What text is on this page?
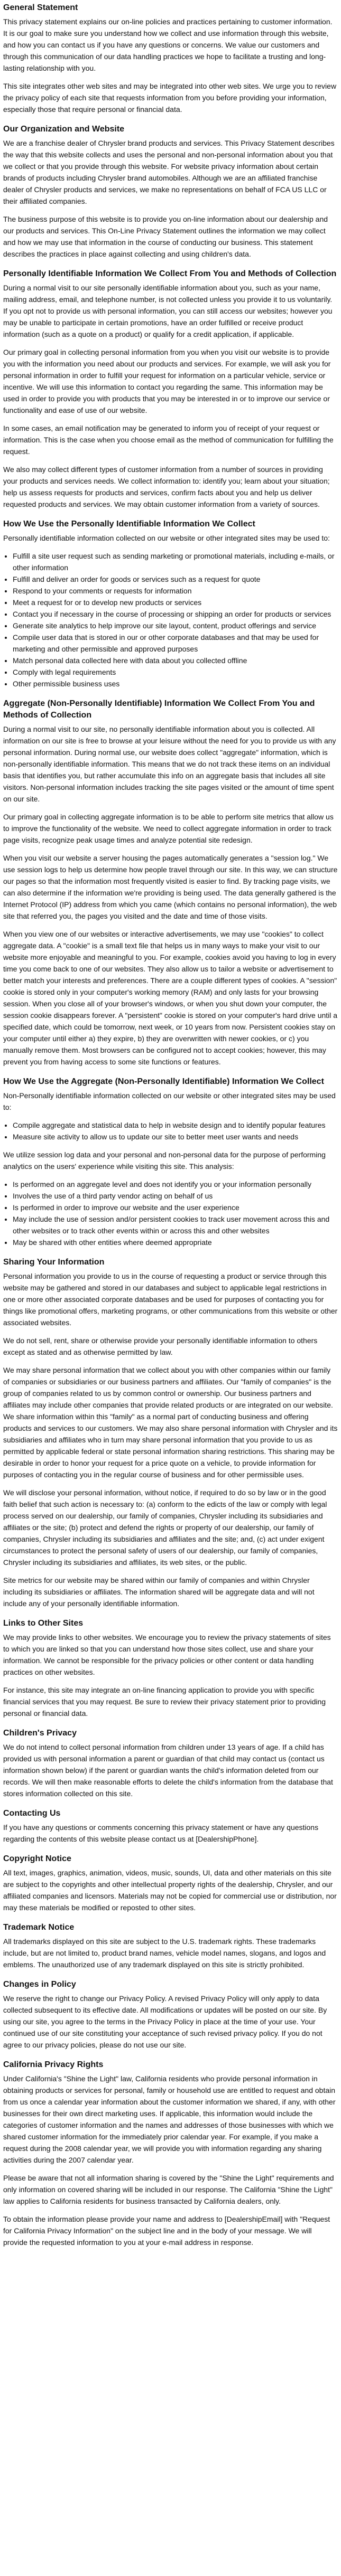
General Statement

This privacy statement explains our on-line policies and practices pertaining to customer information. It is our goal to make sure you understand how we collect and use information through this website, and how you can contact us if you have any questions or concerns. We value our customers and through this communication of our data handling practices we hope to facilitate a trusting and long-lasting relationship with you.

This site integrates other web sites and may be integrated into other web sites. We urge you to review the privacy policy of each site that requests information from you before providing your information, especially those that require personal or financial data.

Our Organization and Website

We are a franchise dealer of Chrysler brand products and services. This Privacy Statement describes the way that this website collects and uses the personal and non-personal information about you that we collect or that you provide through this website. For website privacy information about certain brands of products including Chrysler brand automobiles. Although we are an affiliated franchise dealer of Chrysler products and services, we make no representations on behalf of FCA US LLC or their affiliated companies.

The business purpose of this website is to provide you on-line information about our dealership and our products and services. This On-Line Privacy Statement outlines the information we may collect and how we may use that information in the course of conducting our business. This statement describes the practices in place against collecting and using children's data.

Personally Identifiable Information We Collect From You and Methods of Collection

During a normal visit to our site personally identifiable information about you, such as your name, mailing address, email, and telephone number, is not collected unless you provide it to us voluntarily. If you opt not to provide us with personal information, you can still access our websites; however you may be unable to participate in certain promotions, have an order fulfilled or receive product information (such as a quote on a product) or qualify for a credit application, if applicable.

Our primary goal in collecting personal information from you when you visit our website is to provide you with the information you need about our products and services. For example, we will ask you for personal information in order to fulfill your request for information on a particular vehicle, service or incentive. We will use this information to contact you regarding the same. This information may be used in order to provide you with products that you may be interested in or to improve our service or functionality and ease of use of our website.

In some cases, an email notification may be generated to inform you of receipt of your request or information. This is the case when you choose email as the method of communication for fulfilling the request.

We also may collect different types of customer information from a number of sources in providing your products and services needs. We collect information to: identify you; learn about your situation; help us assess requests for products and services, confirm facts about you and help us deliver requested products and services. We may obtain customer information from a variety of sources.

How We Use the Personally Identifiable Information We Collect

Personally identifiable information collected on our website or other integrated sites may be used to:

• Fulfill a site user request such as sending marketing or promotional materials, including e-mails, or other information
• Fulfill and deliver an order for goods or services such as a request for quote
• Respond to your comments or requests for information
• Meet a request for or to develop new products or services
• Contact you if necessary in the course of processing or shipping an order for products or services
• Generate site analytics to help improve our site layout, content, product offerings and service
• Compile user data that is stored in our or other corporate databases and that may be used for marketing and other permissible and approved purposes
• Match personal data collected here with data about you collected offline
• Comply with legal requirements
• Other permissible business uses
Aggregate (Non-Personally Identifiable) Information We Collect From You and Methods of Collection

During a normal visit to our site, no personally identifiable information about you is collected. All information on our site is free to browse at your leisure without the need for you to provide us with any personal information. During normal use, our website does collect "aggregate" information, which is non-personally identifiable information. This means that we do not track these items on an individual basis that identifies you, but rather accumulate this info on an aggregate basis that includes all site visitors. Non-personal information includes tracking the site pages visited or the amount of time spent on our site.

Our primary goal in collecting aggregate information is to be able to perform site metrics that allow us to improve the functionality of the website. We need to collect aggregate information in order to track page visits, recognize peak usage times and analyze potential site redesign.

When you visit our website a server housing the pages automatically generates a "session log." We use session logs to help us determine how people travel through our site. In this way, we can structure our pages so that the information most frequently visited is easier to find. By tracking page visits, we can also determine if the information we're providing is being used. The data generally gathered is the Internet Protocol (IP) address from which you came (which contains no personal information), the web site that referred you, the pages you visited and the date and time of those visits.

When you view one of our websites or interactive advertisements, we may use "cookies" to collect aggregate data. A "cookie" is a small text file that helps us in many ways to make your visit to our website more enjoyable and meaningful to you. For example, cookies avoid you having to log in every time you come back to one of our websites. They also allow us to tailor a website or advertisement to better match your interests and preferences. There are a couple different types of cookies. A "session" cookie is stored only in your computer's working memory (RAM) and only lasts for your browsing session. When you close all of your browser's windows, or when you shut down your computer, the session cookie disappears forever. A "persistent" cookie is stored on your computer's hard drive until a specified date, which could be tomorrow, next week, or 10 years from now. Persistent cookies stay on your computer until either a) they expire, b) they are overwritten with newer cookies, or c) you manually remove them. Most browsers can be configured not to accept cookies; however, this may prevent you from having access to some site functions or features.

How We Use the Aggregate (Non-Personally Identifiable) Information We Collect

Non-Personally identifiable information collected on our website or other integrated sites may be used to:

• Compile aggregate and statistical data to help in website design and to identify popular features
• Measure site activity to allow us to update our site to better meet user wants and needs

We utilize session log data and your personal and non-personal data for the purpose of performing analytics on the users' experience while visiting this site. This analysis:

• Is performed on an aggregate level and does not identify you or your information personally
• Involves the use of a third party vendor acting on behalf of us
• Is performed in order to improve our website and the user experience
• May include the use of session and/or persistent cookies to track user movement across this and other websites or to track other events within or across this and other websites
• May be shared with other entities where deemed appropriate
Sharing Your Information

Personal information you provide to us in the course of requesting a product or service through this website may be gathered and stored in our databases and subject to applicable legal restrictions in one or more other associated corporate databases and be used for purposes of contacting you for things like promotional offers, marketing programs, or other communications from this website or other associated websites.

We do not sell, rent, share or otherwise provide your personally identifiable information to others except as stated and as otherwise permitted by law.

We may share personal information that we collect about you with other companies within our family of companies or subsidiaries or our business partners and affiliates. Our "family of companies" is the group of companies related to us by common control or ownership. Our business partners and affiliates may include other companies that provide related products or are integrated on our website. We share information within this "family" as a normal part of conducting business and offering products and services to our customers. We may also share personal information with Chrysler and its subsidiaries and affiliates who in turn may share personal information that you provide to us as permitted by applicable federal or state personal information sharing restrictions. This sharing may be desirable in order to honor your request for a price quote on a vehicle, to provide information for purposes of contacting you in the regular course of business and for other permissible uses.

We will disclose your personal information, without notice, if required to do so by law or in the good faith belief that such action is necessary to: (a) conform to the edicts of the law or comply with legal process served on our dealership, our family of companies, Chrysler including its subsidiaries and affiliates or the site; (b) protect and defend the rights or property of our dealership, our family of companies, Chrysler including its subsidiaries and affiliates and the site; and, (c) act under exigent circumstances to protect the personal safety of users of our dealership, our family of companies, Chrysler including its subsidiaries and affiliates, its web sites, or the public.

Site metrics for our website may be shared within our family of companies and within Chrysler including its subsidiaries or affiliates. The information shared will be aggregate data and will not include any of your personally identifiable information.

Links to Other Sites

We may provide links to other websites. We encourage you to review the privacy statements of sites to which you are linked so that you can understand how those sites collect, use and share your information. We cannot be responsible for the privacy policies or other content or data handling practices on other websites.

For instance, this site may integrate an on-line financing application to provide you with specific financial services that you may request. Be sure to review their privacy statement prior to providing personal or financial data.

Children's Privacy

We do not intend to collect personal information from children under 13 years of age. If a child has provided us with personal information a parent or guardian of that child may contact us (contact us information shown below) if the parent or guardian wants the child's information deleted from our records. We will then make reasonable efforts to delete the child's information from the database that stores information collected on this site.

Contacting Us

If you have any questions or comments concerning this privacy statement or have any questions regarding the contents of this website please contact us at [DealershipPhone].

Copyright Notice

All text, images, graphics, animation, videos, music, sounds, UI, data and other materials on this site are subject to the copyrights and other intellectual property rights of the dealership, Chrysler, and our affiliated companies and licensors. Materials may not be copied for commercial use or distribution, nor may these materials be modified or reposted to other sites.

Trademark Notice

All trademarks displayed on this site are subject to the U.S. trademark rights. These trademarks include, but are not limited to, product brand names, vehicle model names, slogans, and logos and emblems. The unauthorized use of any trademark displayed on this site is strictly prohibited.

Changes in Policy

We reserve the right to change our Privacy Policy. A revised Privacy Policy will only apply to data collected subsequent to its effective date. All modifications or updates will be posted on our site. By using our site, you agree to the terms in the Privacy Policy in place at the time of your use. Your continued use of our site constituting your acceptance of such revised privacy policy. If you do not agree to our privacy policies, please do not use our site.

California Privacy Rights

Under California's "Shine the Light" law, California residents who provide personal information in obtaining products or services for personal, family or household use are entitled to request and obtain from us once a calendar year information about the customer information we shared, if any, with other businesses for their own direct marketing uses. If applicable, this information would include the categories of customer information and the names and addresses of those businesses with which we shared customer information for the immediately prior calendar year. For example, if you make a request during the 2008 calendar year, we will provide you with information regarding any sharing activities during the 2007 calendar year.

Please be aware that not all information sharing is covered by the "Shine the Light" requirements and only information on covered sharing will be included in our response. The California "Shine the Light" law applies to California residents for business transacted by California dealers, only.

To obtain the information please provide your name and address to [DealershipEmail] with "Request for California Privacy Information" on the subject line and in the body of your message. We will provide the requested information to you at your e-mail address in response.
